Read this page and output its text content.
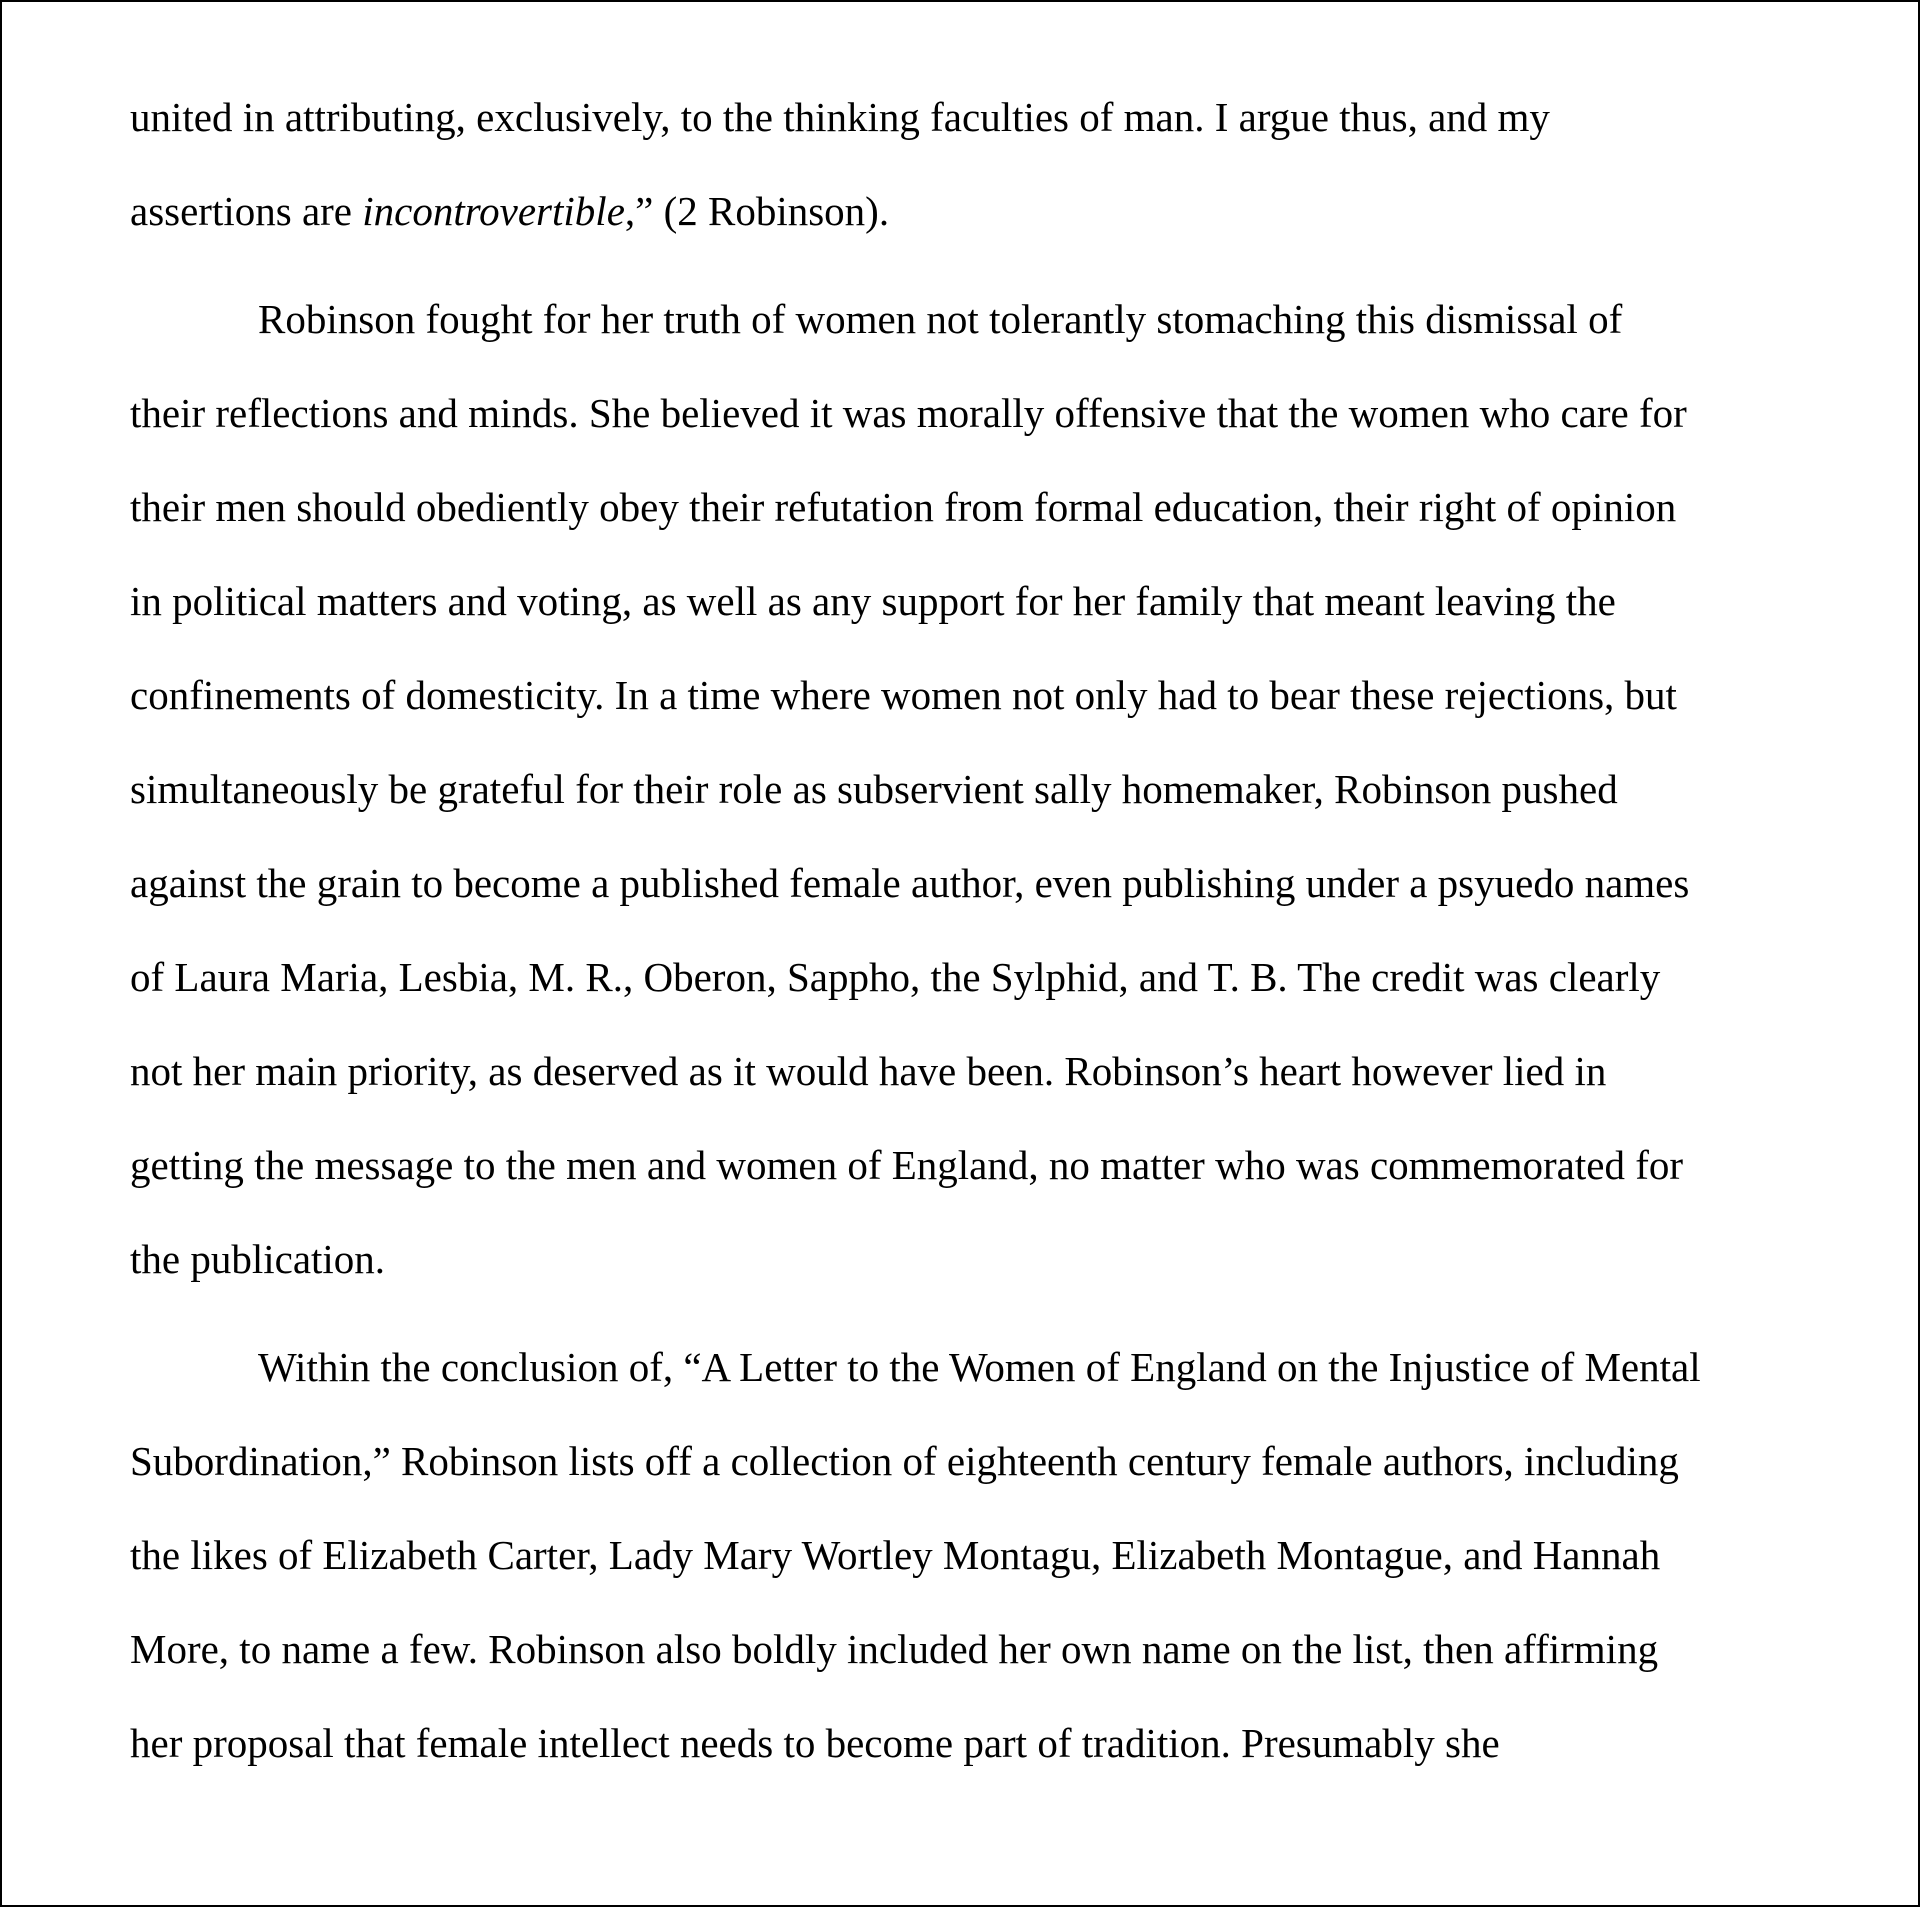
united in attributing, exclusively, to the thinking faculties of man. I argue thus, and my
assertions are incontrovertible,” (2 Robinson).
Robinson fought for her truth of women not tolerantly stomaching this dismissal of
their reflections and minds. She believed it was morally offensive that the women who care for
their men should obediently obey their refutation from formal education, their right of opinion
in political matters and voting, as well as any support for her family that meant leaving the
confinements of domesticity. In a time where women not only had to bear these rejections, but
simultaneously be grateful for their role as subservient sally homemaker, Robinson pushed
against the grain to become a published female author, even publishing under a psyuedo names
of Laura Maria, Lesbia, M. R., Oberon, Sappho, the Sylphid, and T. B. The credit was clearly
not her main priority, as deserved as it would have been. Robinson’s heart however lied in
getting the message to the men and women of England, no matter who was commemorated for
the publication.
Within the conclusion of, “A Letter to the Women of England on the Injustice of Mental
Subordination,” Robinson lists off a collection of eighteenth century female authors, including
the likes of Elizabeth Carter, Lady Mary Wortley Montagu, Elizabeth Montague, and Hannah
More, to name a few. Robinson also boldly included her own name on the list, then affirming
her proposal that female intellect needs to become part of tradition. Presumably she
